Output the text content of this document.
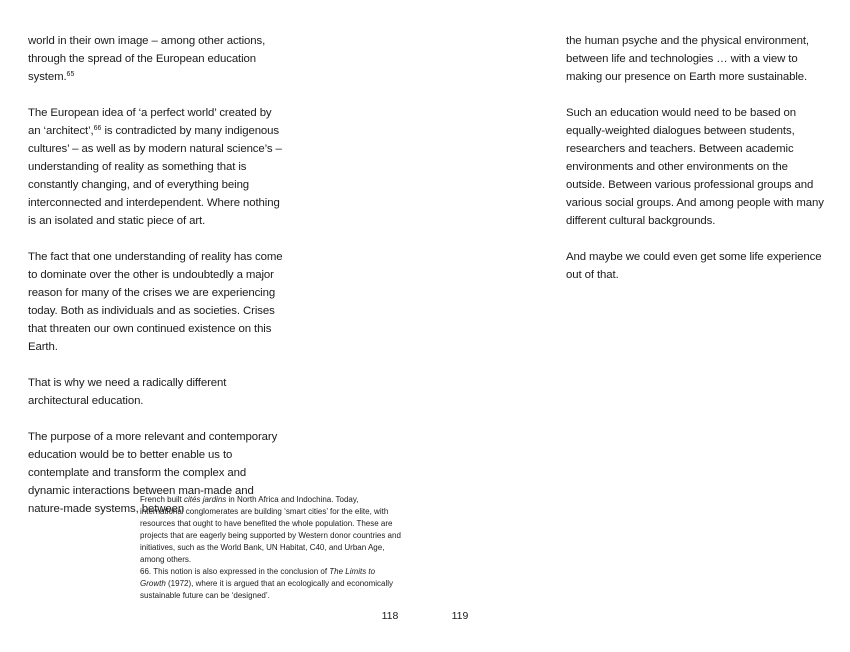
world in their own image – among other actions, through the spread of the European education system.$^{65}$

The European idea of ‘a perfect world’ created by an ‘architect’,$^{66}$ is contradicted by many indigenous cultures’ – as well as by modern natural science’s – understanding of reality as something that is constantly changing, and of everything being interconnected and interdependent. Where nothing is an isolated and static piece of art.

The fact that one understanding of reality has come to dominate over the other is undoubtedly a major reason for many of the crises we are experiencing today. Both as individuals and as societies. Crises that threaten our own continued existence on this Earth.

That is why we need a radically different architectural education.

The purpose of a more relevant and contemporary education would be to better enable us to contemplate and transform the complex and dynamic interactions between man-made and nature-made systems, between

the human psyche and the physical environment, between life and technologies … with a view to making our presence on Earth more sustainable.

Such an education would need to be based on equally-weighted dialogues between students, researchers and teachers. Between academic environments and other environments on the outside. Between various professional groups and various social groups. And among people with many different cultural backgrounds.

And maybe we could even get some life experience out of that.

French built cités jardins in North Africa and Indochina. Today, international conglomerates are building ‘smart cities’ for the elite, with resources that ought to have benefited the whole population. These are projects that are eagerly being supported by Western donor countries and initiatives, such as the World Bank, UN Habitat, C40, and Urban Age, among others.

66. This notion is also expressed in the conclusion of The Limits to Growth (1972), where it is argued that an ecologically and economically sustainable future can be ‘designed’.

118	119
